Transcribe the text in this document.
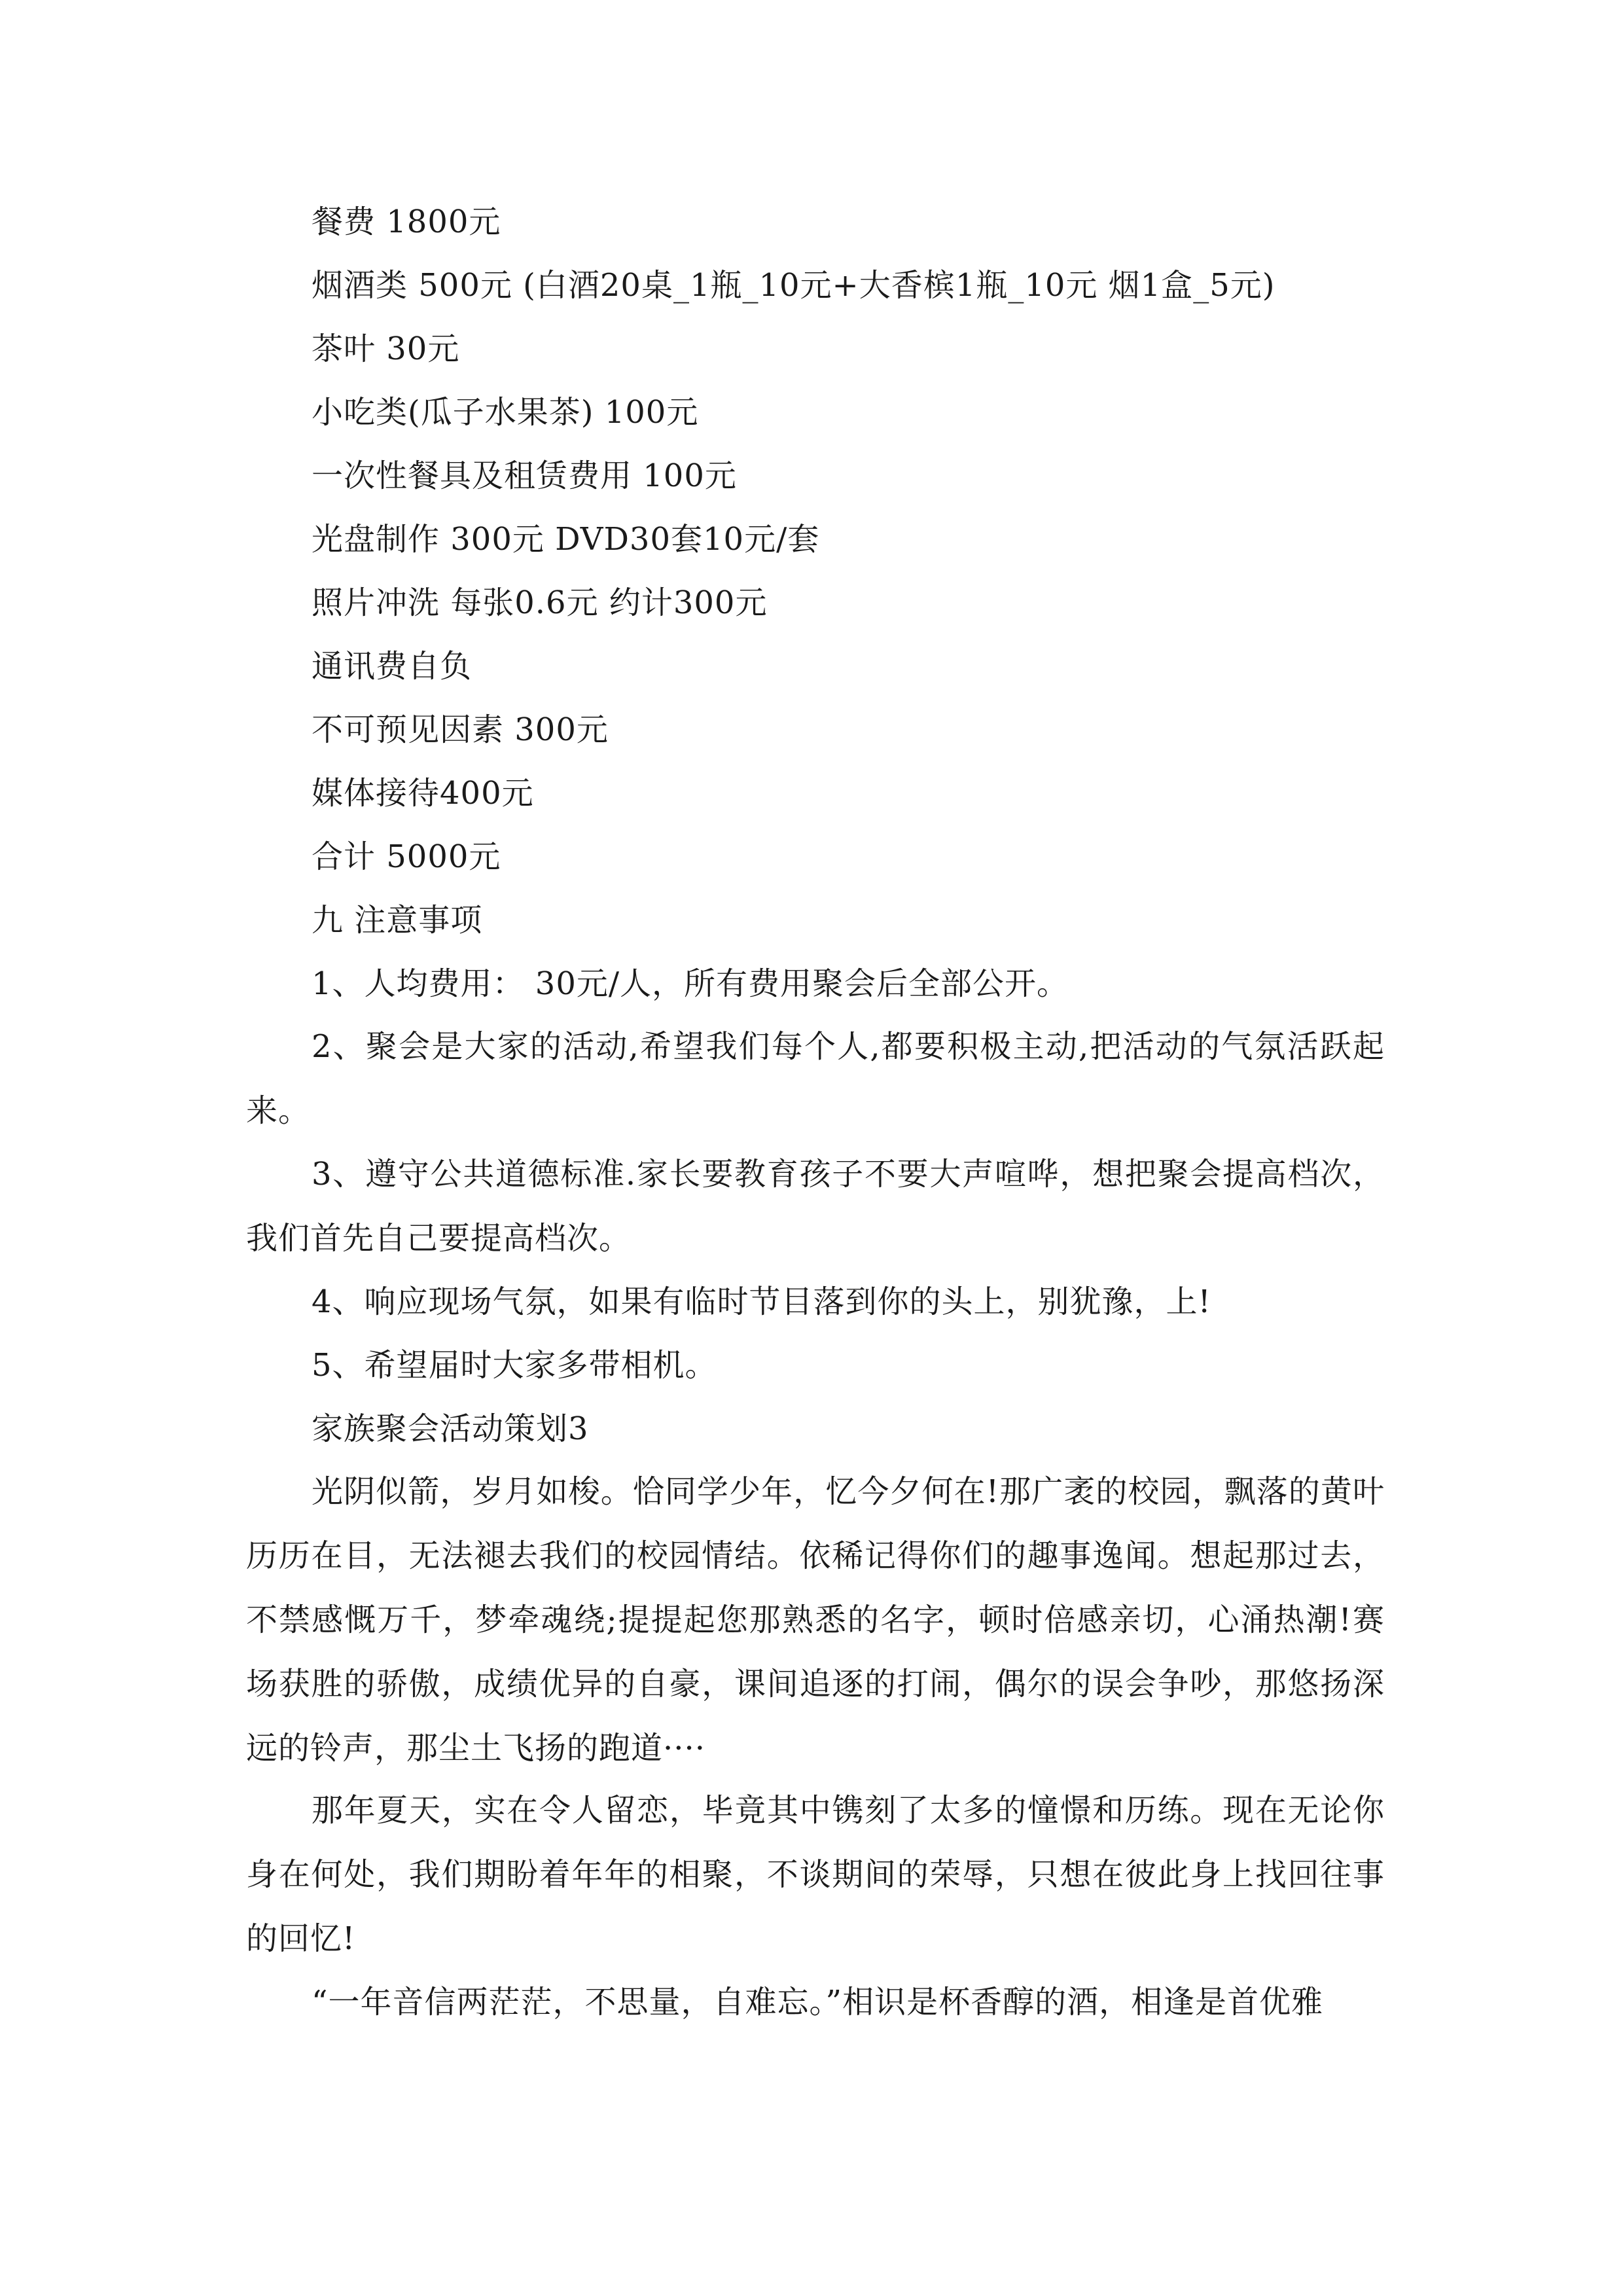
餐费 1800元
烟酒类 500元 (白酒20桌_1瓶_10元+大香槟1瓶_10元 烟1盒_5元)
茶叶 30元
小吃类(瓜子水果茶) 100元
一次性餐具及租赁费用 100元
光盘制作 300元 DVD30套10元/套
照片冲洗 每张0.6元 约计300元
通讯费自负
不可预见因素 300元
媒体接待400元
合计 5000元
九 注意事项
1、人均费用： 30元/人，所有费用聚会后全部公开。
2、聚会是大家的活动,希望我们每个人,都要积极主动,把活动的气氛活跃起来。
3、遵守公共道德标准.家长要教育孩子不要大声喧哗，想把聚会提高档次，我们首先自己要提高档次。
4、响应现场气氛，如果有临时节目落到你的头上，别犹豫，上!
5、希望届时大家多带相机。
家族聚会活动策划3
光阴似箭，岁月如梭。恰同学少年，忆今夕何在!那广袤的校园，飘落的黄叶历历在目，无法褪去我们的校园情结。依稀记得你们的趣事逸闻。想起那过去，不禁感慨万千，梦牵魂绕;提提起您那熟悉的名字，顿时倍感亲切，心涌热潮!赛场获胜的骄傲，成绩优异的自豪，课间追逐的打闹，偶尔的误会争吵，那悠扬深远的铃声，那尘土飞扬的跑道····
那年夏天，实在令人留恋，毕竟其中镌刻了太多的憧憬和历练。现在无论你身在何处，我们期盼着年年的相聚，不谈期间的荣辱，只想在彼此身上找回往事的回忆!
“一年音信两茫茫，不思量，自难忘。”相识是杯香醇的酒，相逢是首优雅
